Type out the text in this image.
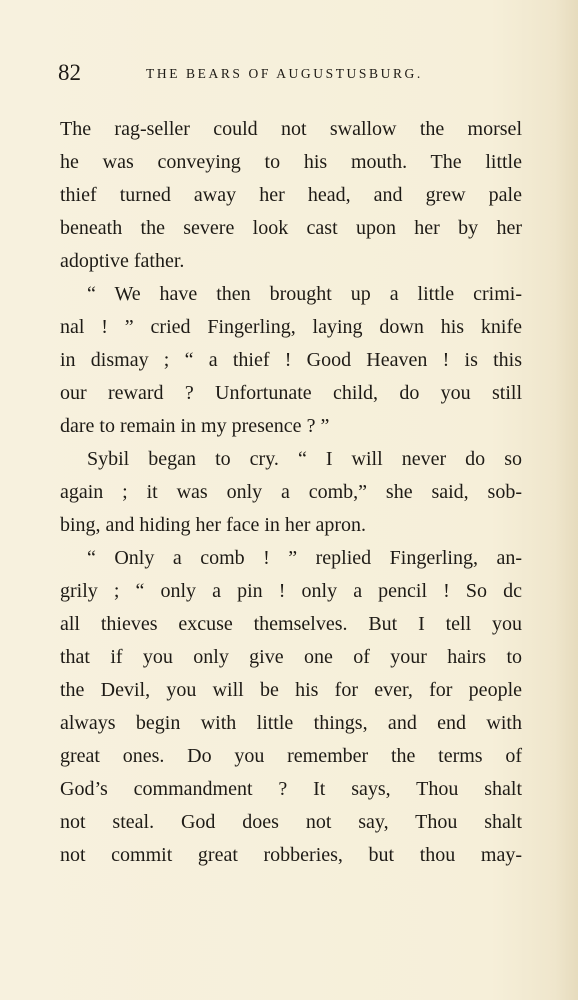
82	THE BEARS OF AUGUSTUSBURG.
The rag-seller could not swallow the morsel
he was conveying to his mouth. The little
thief turned away her head, and grew pale
beneath the severe look cast upon her by her
adoptive father.
“ We have then brought up a little crimi-
nal ! ” cried Fingerling, laying down his knife
in dismay ; “ a thief ! Good Heaven ! is this
our reward ? Unfortunate child, do you still
dare to remain in my presence ? ”
Sybil began to cry. “ I will never do so
again ; it was only a comb,” she said, sob-
bing, and hiding her face in her apron.
“ Only a comb ! ” replied Fingerling, an-
grily ; “ only a pin ! only a pencil ! So dc
all thieves excuse themselves. But I tell you
that if you only give one of your hairs to
the Devil, you will be his for ever, for people
always begin with little things, and end with
great ones. Do you remember the terms of
God’s commandment ? It says, Thou shalt
not steal. God does not say, Thou shalt
not commit great robberies, but thou may-
